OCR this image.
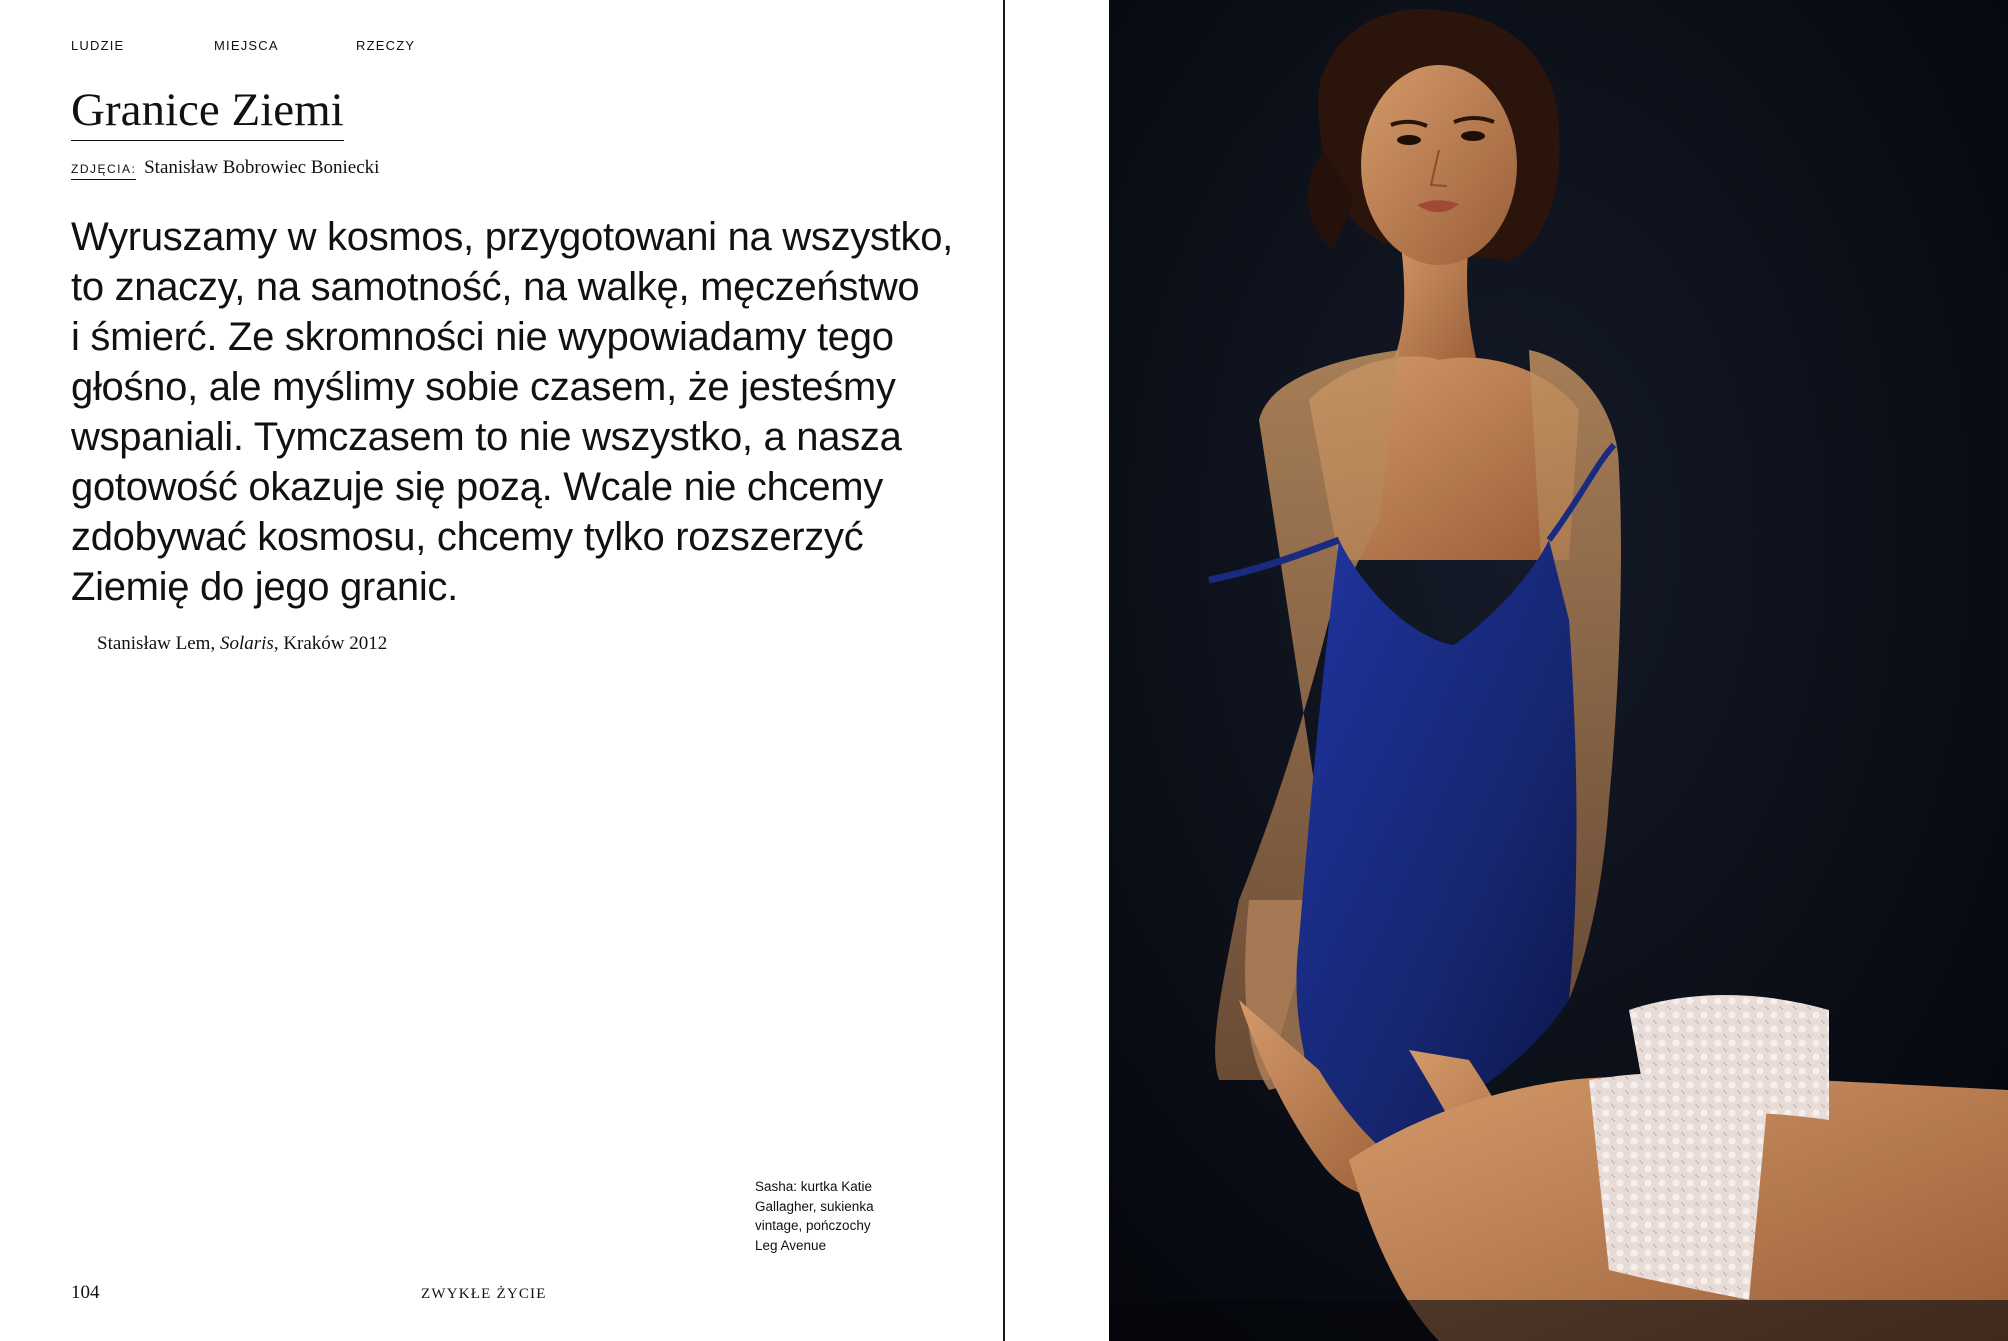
LUDZIE	MIEJSCA	RZECZY
Granice Ziemi
ZDJĘCIA: Stanisław Bobrowiec Boniecki

Wyruszamy w kosmos, przygotowani na wszystko,
to znaczy, na samotność, na walkę, męczeństwo
i śmierć. Ze skromności nie wypowiadamy tego
głośno, ale myślimy sobie czasem, że jesteśmy
wspaniali. Tymczasem to nie wszystko, a nasza
gotowość okazuje się pozą. Wcale nie chcemy
zdobywać kosmosu, chcemy tylko rozszerzyć
Ziemię do jego granic.

Stanisław Lem, Solaris, Kraków 2012
Sasha: kurtka Katie
Gallagher, sukienka
vintage, pończochy
Leg Avenue
104	ZWYKŁE ŻYCIE
